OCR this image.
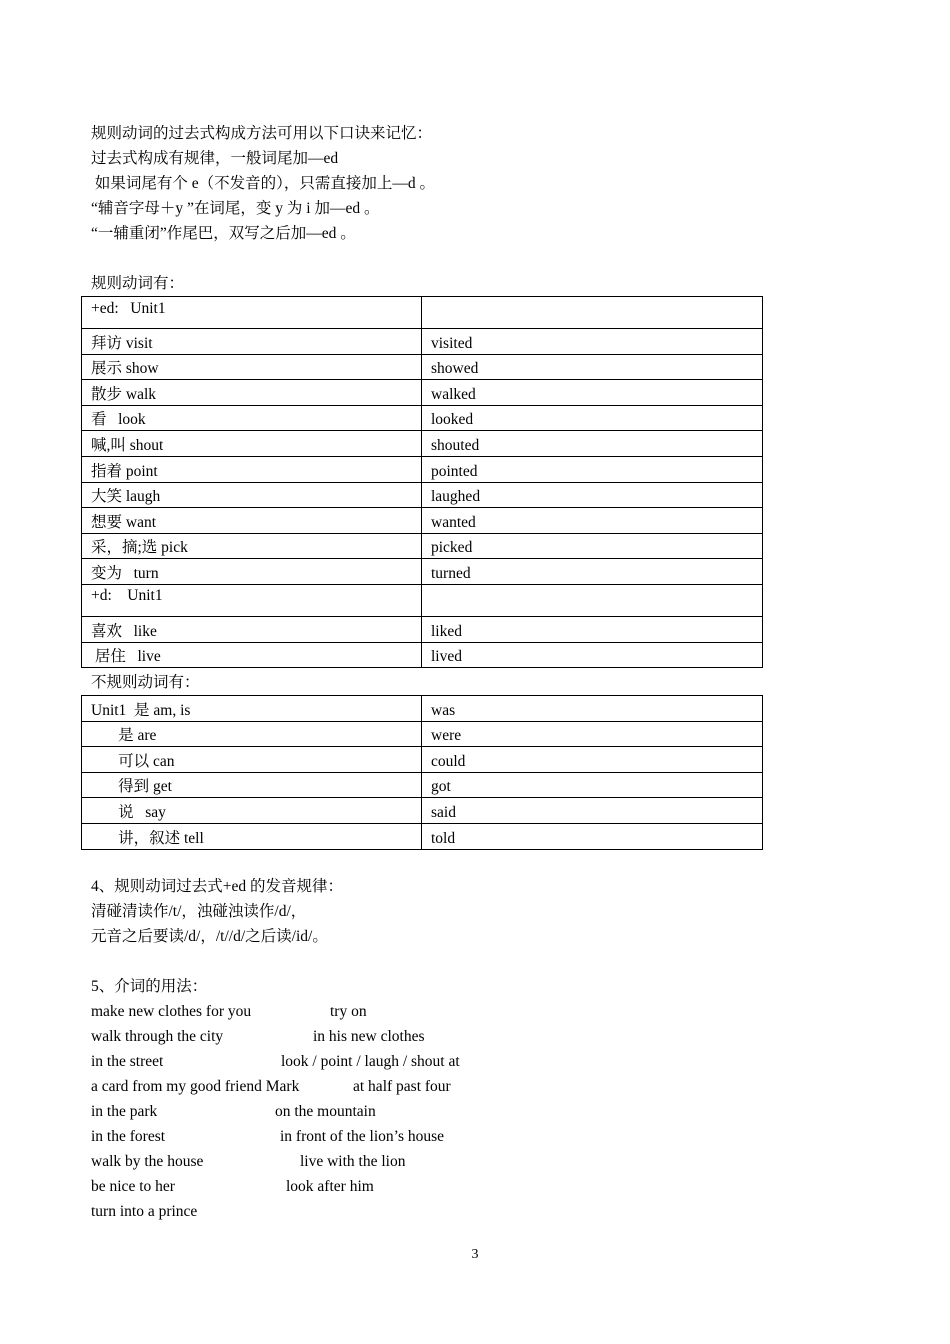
规则动词的过去式构成方法可用以下口诀来记忆：
过去式构成有规律，一般词尾加—ed
如果词尾有个 e（不发音的），只需直接加上—d 。
“辅音字母＋y ”在词尾，变 y 为 i 加—ed 。
“一辅重闭”作尾巴，双写之后加—ed 。
规则动词有：
+ed:   Unit1	
拜访 visit	visited
展示 show	showed
散步 walk	walked
看   look	looked
喊,叫 shout	shouted
指着 point	pointed
大笑 laugh	laughed
想要 want	wanted
采，摘;选 pick	picked
变为   turn	turned
+d:    Unit1	
喜欢   like	liked
居住   live	lived
不规则动词有：
Unit1  是 am, is	was
是 are	were
可以 can	could
得到 get	got
说   say	said
讲，叙述 tell	told
4、规则动词过去式+ed 的发音规律：
清碰清读作/t/，浊碰浊读作/d/，
元音之后要读/d/，/t//d/之后读/id/。
5、介词的用法：
make new clothes for you	try on
walk through the city	in his new clothes
in the street	look / point / laugh / shout at
a card from my good friend Mark	at half past four
in the park	on the mountain
in the forest	in front of the lion’s house
walk by the house	live with the lion
be nice to her	look after him
turn into a prince
3
